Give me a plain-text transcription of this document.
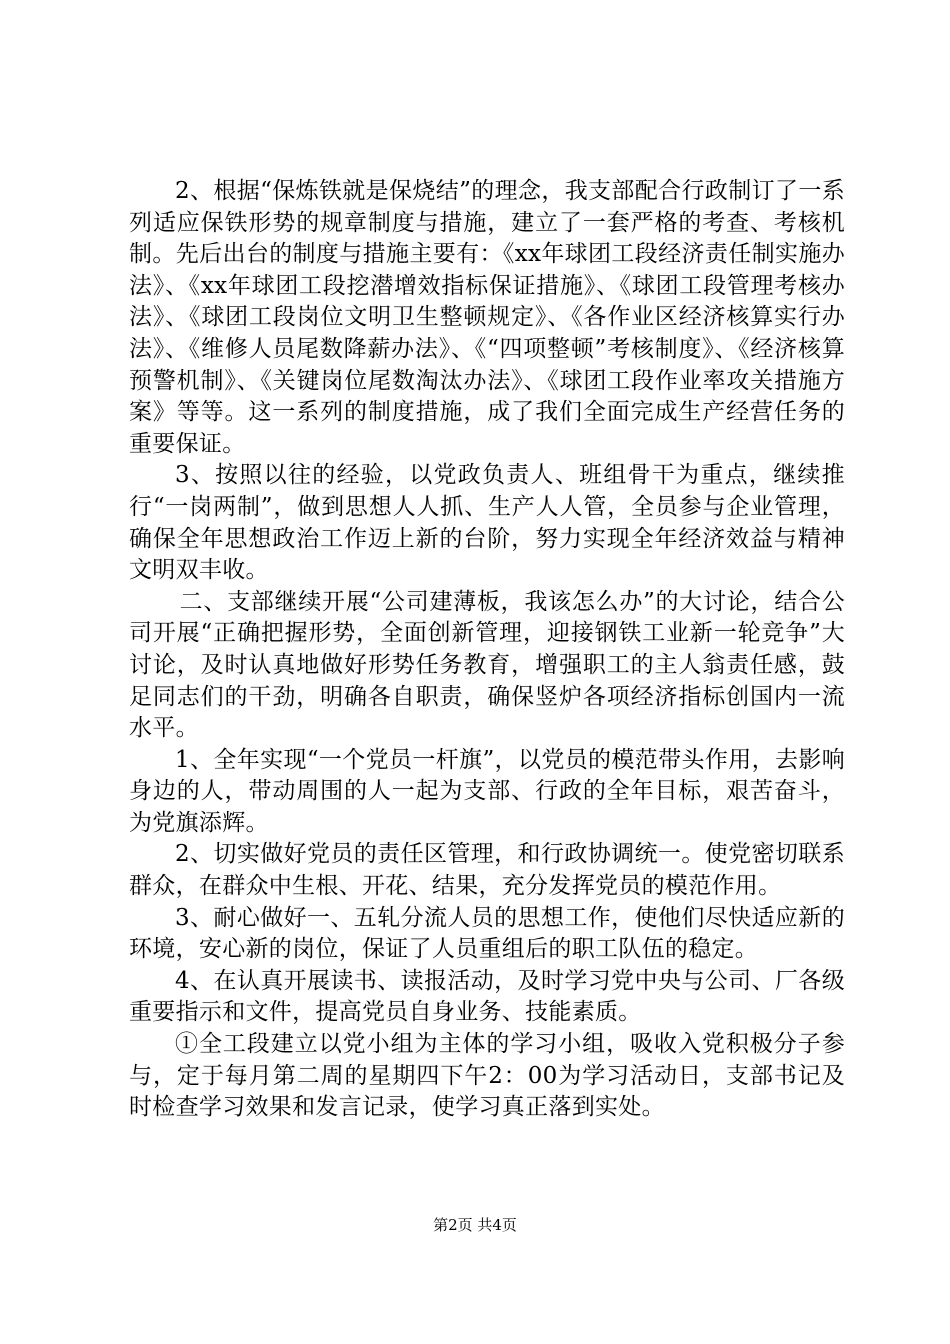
2、根据“保炼铁就是保烧结”的理念，我支部配合行政制订了一系列适应保铁形势的规章制度与措施，建立了一套严格的考查、考核机制。先后出台的制度与措施主要有：《xx年球团工段经济责任制实施办法》、《xx年球团工段挖潜增效指标保证措施》、《球团工段管理考核办法》、《球团工段岗位文明卫生整顿规定》、《各作业区经济核算实行办法》、《维修人员尾数降薪办法》、《“四项整顿”考核制度》、《经济核算预警机制》、《关键岗位尾数淘汰办法》、《球团工段作业率攻关措施方案》等等。这一系列的制度措施，成了我们全面完成生产经营任务的重要保证。

3、按照以往的经验，以党政负责人、班组骨干为重点，继续推行“一岗两制”，做到思想人人抓、生产人人管，全员参与企业管理，确保全年思想政治工作迈上新的台阶，努力实现全年经济效益与精神文明双丰收。

二、支部继续开展“公司建薄板，我该怎么办”的大讨论，结合公司开展“正确把握形势，全面创新管理，迎接钢铁工业新一轮竞争”大讨论，及时认真地做好形势任务教育，增强职工的主人翁责任感，鼓足同志们的干劲，明确各自职责，确保竖炉各项经济指标创国内一流水平。

1、全年实现“一个党员一杆旗”，以党员的模范带头作用，去影响身边的人，带动周围的人一起为支部、行政的全年目标，艰苦奋斗，为党旗添辉。

2、切实做好党员的责任区管理，和行政协调统一。使党密切联系群众，在群众中生根、开花、结果，充分发挥党员的模范作用。

3、耐心做好一、五轧分流人员的思想工作，使他们尽快适应新的环境，安心新的岗位，保证了人员重组后的职工队伍的稳定。

4、在认真开展读书、读报活动，及时学习党中央与公司、厂各级重要指示和文件，提高党员自身业务、技能素质。

①全工段建立以党小组为主体的学习小组，吸收入党积极分子参与，定于每月第二周的星期四下午2：00为学习活动日，支部书记及时检查学习效果和发言记录，使学习真正落到实处。

第2页 共4页
